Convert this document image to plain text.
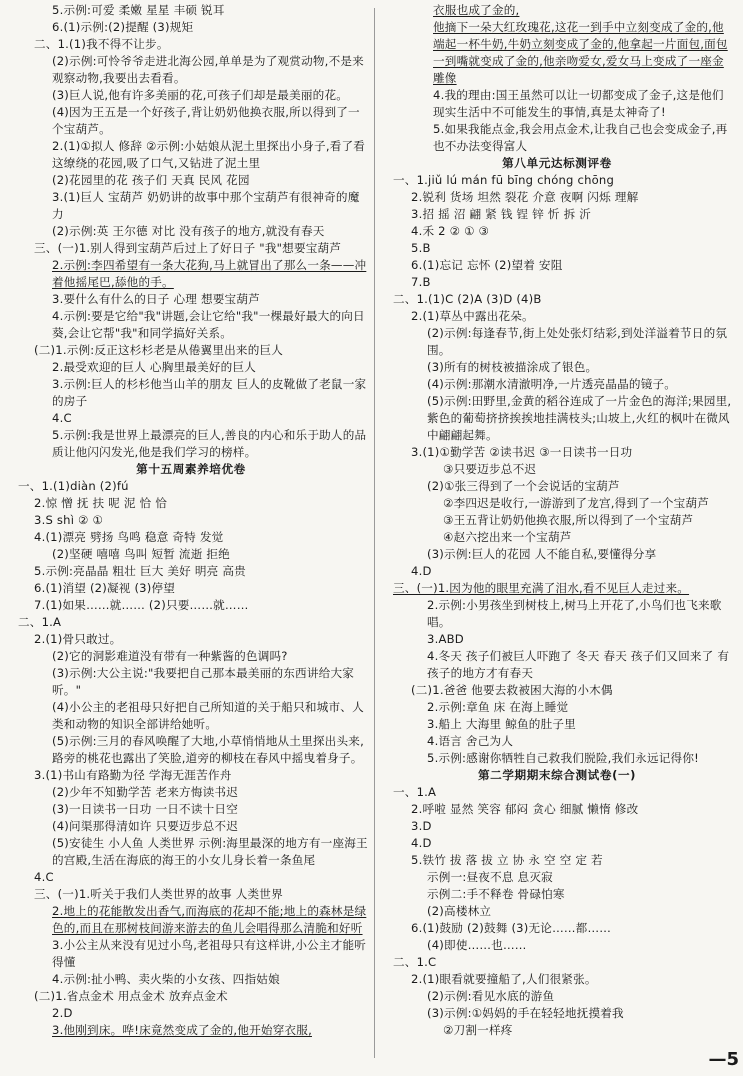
5.示例:可爱 柔嫩 星星 丰硕 锐耳
6.(1)示例:(2)提醒 (3)规矩
二、1.(1)我不得不让步。
(2)示例:可怜爷爷走进北海公园,单单是为了观赏动物,不是来观察动物,我要出去看看。
(3)巨人说,他有许多美丽的花,可孩子们却是最美丽的花。
(4)因为王五是一个好孩子,背让奶奶他换衣服,所以得到了一个宝葫芦。
2.(1)①拟人 修辞 ②示例:小姑娘从泥土里探出小身子,看了看这缭绕的花园,吸了口气,又钻进了泥土里
(2)花园里的花 孩子们 天真 民风 花园
3.(1)巨人 宝葫芦 奶奶讲的故事中那个宝葫芦有很神奇的魔力
(2)示例:英 王尔德 对比 没有孩子的地方,就没有春天
三、(一)1.别人得到宝葫芦后过上了好日子 "我"想要宝葫芦
2.示例:李四希望有一条大花狗,马上就冒出了那么一条——冲着他摇尾巴,舔他的手。
3.要什么有什么的日子 心理 想要宝葫芦
4.示例:要是它给"我"讲题,会让它给"我"一棵最好最大的向日葵,会让它帮"我"和同学搞好关系。
(二)1.示例:反正这杉杉老是从倦翼里出来的巨人
2.最受欢迎的巨人 心胸里最美好的巨人
3.示例:巨人的杉杉他当山羊的朋友 巨人的皮靴做了老鼠一家的房子
4.C
5.示例:我是世界上最漂亮的巨人,善良的内心和乐于助人的品质让他闪闪发光,他是我们学习的榜样。
第十五周素养培优卷
一、1.(1)diàn (2)fú
2.惊 憎 抚 扶 呢 泥 恰 恰
3.S shì ② ①
4.(1)漂亮 劈扬 鸟鸣 稳意 奇特 发觉
(2)坚硬 嘻嘻 鸟叫 短暂 流逝 拒绝
5.示例:亮晶晶 粗壮 巨大 美好 明亮 高贵
6.(1)消望 (2)凝视 (3)停望
7.(1)如果……就…… (2)只要……就……
二、1.A
2.(1)骨只敢过。
(2)它的洞影难道没有带有一种紫酱的色调吗?
(3)示例:大公主说:"我要把自己那本最美丽的东西讲给大家听。"
(4)小公主的老祖母只好把自己所知道的关于船只和城市、人类和动物的知识全部讲给她听。
(5)示例:三月的春风唤醒了大地,小草悄悄地从土里探出头来,路旁的桃花也露出了笑脸,道旁的柳枝在春风中摇曳着身子。
3.(1)书山有路勤为径 学海无涯苦作舟
(2)少年不知勤学苦 老来方悔读书迟
(3)一日读书一日功 一日不读十日空
(4)问渠那得清如许 只要迈步总不迟
(5)安徒生 小人鱼 人类世界 示例:海里最深的地方有一座海王的宫殿,生活在海底的海王的小女儿身长着一条鱼尾
4.C
三、(一)1.听关于我们人类世界的故事 人类世界
2.地上的花能散发出香气,而海底的花却不能;地上的森林是绿色的,而且在那树枝间游来游去的鱼儿会唱得那么清脆和好听
3.小公主从来没有见过小鸟,老祖母只有这样讲,小公主才能听得懂
4.示例:扯小鸭、卖火柴的小女孩、四指姑娘
(二)1.省点金术 用点金术 放弃点金术
2.D
3.他刚到床。哗!床竟然变成了金的,他开始穿衣服,
衣服也成了金的,
他摘下一朵大红玫瑰花,这花一到手中立刻变成了金的,他端起一杯牛奶,牛奶立刻变成了金的,他拿起一片面包,面包一到嘴就变成了金的,他亲吻爱女,爱女马上变成了一座金雕像
4.我的理由:国王虽然可以让一切都变成了金子,这是他们现实生活中不可能发生的事情,真是太神奇了!
5.如果我能点金,我会用点金术,让我自己也会变成金子,再也不办法变得富人
第八单元达标测评卷
一、1.jiǔ lú mán fū bīng chóng chōng
2.锐利 货场 坦然 裂花 介意 夜啊 闪烁 理解
3.招 摇 沼 翩 紧 钱 锃 锌 忻 拆 沂
4.禾 2 ② ① ③
5.B
6.(1)忘记 忘怀 (2)望着 安阻
7.B
二、1.(1)C (2)A (3)D (4)B
2.(1)草丛中露出花朵。
(2)示例:每逢春节,街上处处张灯结彩,到处洋溢着节日的氛围。
(3)所有的树枝被描涂成了银色。
(4)示例:那潮水清澈明净,一片透亮晶晶的镜子。
(5)示例:田野里,金黄的稻谷连成了一片金色的海洋;果园里,紫色的葡萄挤挤挨挨地挂满枝头;山坡上,火红的枫叶在微风中翩翩起舞。
3.(1)①勤学苦 ②读书迟 ③一日读书一日功
③只要迈步总不迟
(2)①张三得到了一个会说话的宝葫芦
②李四迟是收行,一游游到了龙宫,得到了一个宝葫芦
③王五背让奶奶他换衣服,所以得到了一个宝葫芦
④赵六挖出来一个宝葫芦
(3)示例:巨人的花园 人不能自私,要懂得分享
4.D
三、(一)1.因为他的眼里充满了泪水,看不见巨人走过来。
2.示例:小男孩坐到树枝上,树马上开花了,小鸟们也飞来歌唱。
3.ABD
4.冬天 孩子们被巨人吓跑了 冬天 春天 孩子们又回来了 有孩子的地方才有春天
(二)1.爸爸 他要去救被困大海的小木偶
2.示例:章鱼 床 在海上睡觉
3.船上 大海里 鲸鱼的肚子里
4.语言 舍己为人
5.示例:感谢你牺牲自己救我们脱险,我们永远记得你!
第二学期期末综合测试卷(一)
一、1.A
2.呼啦 显然 笑容 郁闷 贪心 细腻 懒惰 修改
3.D
4.D
5.铁竹 拔 落 拔 立 协 永 空 空 定 若
示例一:昼夜不息 息灭寂
示例二:手不释卷 骨碌怕寒
(2)高楼林立
6.(1)鼓励 (2)鼓舞 (3)无论……都……
(4)即使……也……
二、1.C
2.(1)眼看就要撞船了,人们很紧张。
(2)示例:看见水底的游鱼
(3)示例:①妈妈的手在轻轻地抚摸着我
②刀割一样疼
—5
